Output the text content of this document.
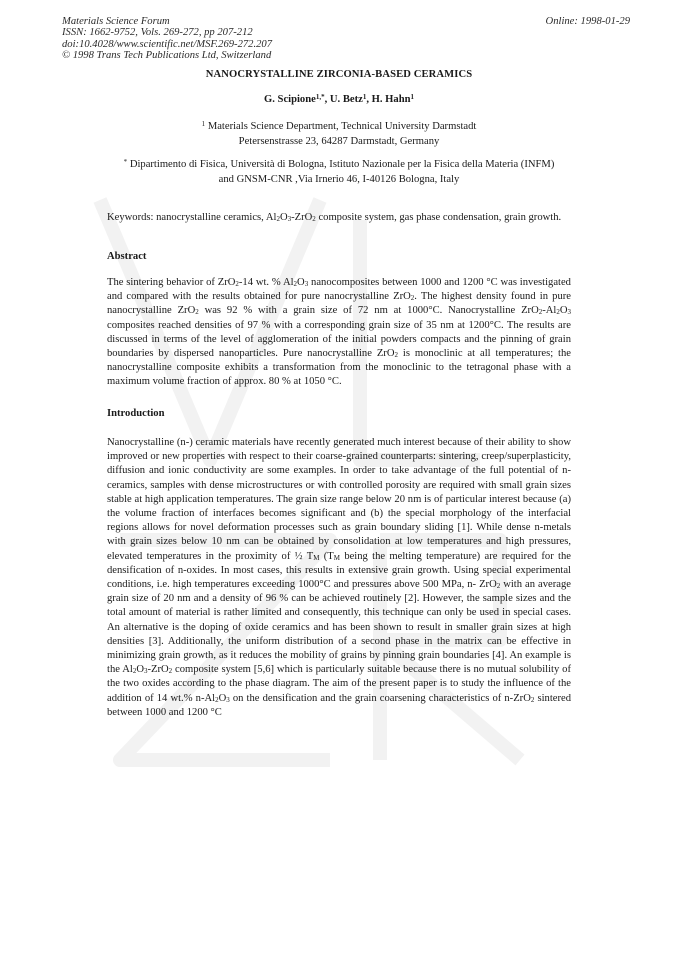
Materials Science Forum
ISSN: 1662-9752, Vols. 269-272, pp 207-212
doi:10.4028/www.scientific.net/MSF.269-272.207
© 1998 Trans Tech Publications Ltd, Switzerland
Online: 1998-01-29
NANOCRYSTALLINE ZIRCONIA-BASED CERAMICS
G. Scipione$^{1,*}$, U. Betz$^1$, H. Hahn$^1$
$^1$ Materials Science Department, Technical University Darmstadt
Petersenstrasse 23, 64287 Darmstadt, Germany
* Dipartimento di Fisica, Università di Bologna, Istituto Nazionale per la Fisica della Materia (INFM)
and GNSM-CNR ,Via Irnerio 46, I-40126 Bologna, Italy
Keywords: nanocrystalline ceramics, $Al_2O_3-ZrO_2$ composite system, gas phase condensation, grain growth.
Abstract
The sintering behavior of ZrO$_2$-14 wt. % $Al_2O_3$ nanocomposites between 1000 and 1200 °C was investigated and compared with the results obtained for pure nanocrystalline ZrO$_2$. The highest density found in pure nanocrystalline ZrO$_2$ was 92 % with a grain size of 72 nm at 1000°C. Nanocrystalline $ZrO_2-Al_2O_3$ composites reached densities of 97 % with a corresponding grain size of 35 nm at 1200°C. The results are discussed in terms of the level of agglomeration of the initial powders compacts and the pinning of grain boundaries by dispersed nanoparticles. Pure nanocrystalline ZrO$_2$ is monoclinic at all temperatures; the nanocrystalline composite exhibits a transformation from the monoclinic to the tetragonal phase with a maximum volume fraction of approx. 80 % at 1050 °C.
Introduction
Nanocrystalline (n-) ceramic materials have recently generated much interest because of their ability to show improved or new properties with respect to their coarse-grained counterparts: sintering, creep/superplasticity, diffusion and ionic conductivity are some examples. In order to take advantage of the full potential of n-ceramics, samples with dense microstructures or with controlled porosity are required with small grain sizes stable at high application temperatures. The grain size range below 20 nm is of particular interest because (a) the volume fraction of interfaces becomes significant and (b) the special morphology of the interfacial regions allows for novel deformation processes such as grain boundary sliding [1]. While dense n-metals with grain sizes below 10 nm can be obtained by consolidation at low temperatures and high pressures, elevated temperatures in the proximity of ½ $T_M$ ($T_M$ being the melting temperature) are required for the densification of n-oxides. In most cases, this results in extensive grain growth. Using special experimental conditions, i.e. high temperatures exceeding 1000°C and pressures above 500 MPa, n- ZrO$_2$ with an average grain size of 20 nm and a density of 96 % can be achieved routinely [2]. However, the sample sizes and the total amount of material is rather limited and consequently, this technique can only be used in special cases. An alternative is the doping of oxide ceramics and has been shown to result in smaller grain sizes at high densities [3]. Additionally, the uniform distribution of a second phase in the matrix can be effective in minimizing grain growth, as it reduces the mobility of grains by pinning grain boundaries [4]. An example is the $Al_2O_3-ZrO_2$ composite system [5,6] which is particularly suitable because there is no mutual solubility of the two oxides according to the phase diagram. The aim of the present paper is to study the influence of the addition of 14 wt.% $n-Al_2O_3$ on the densification and the grain coarsening characteristics of n-ZrO$_2$ sintered between 1000 and 1200 °C
